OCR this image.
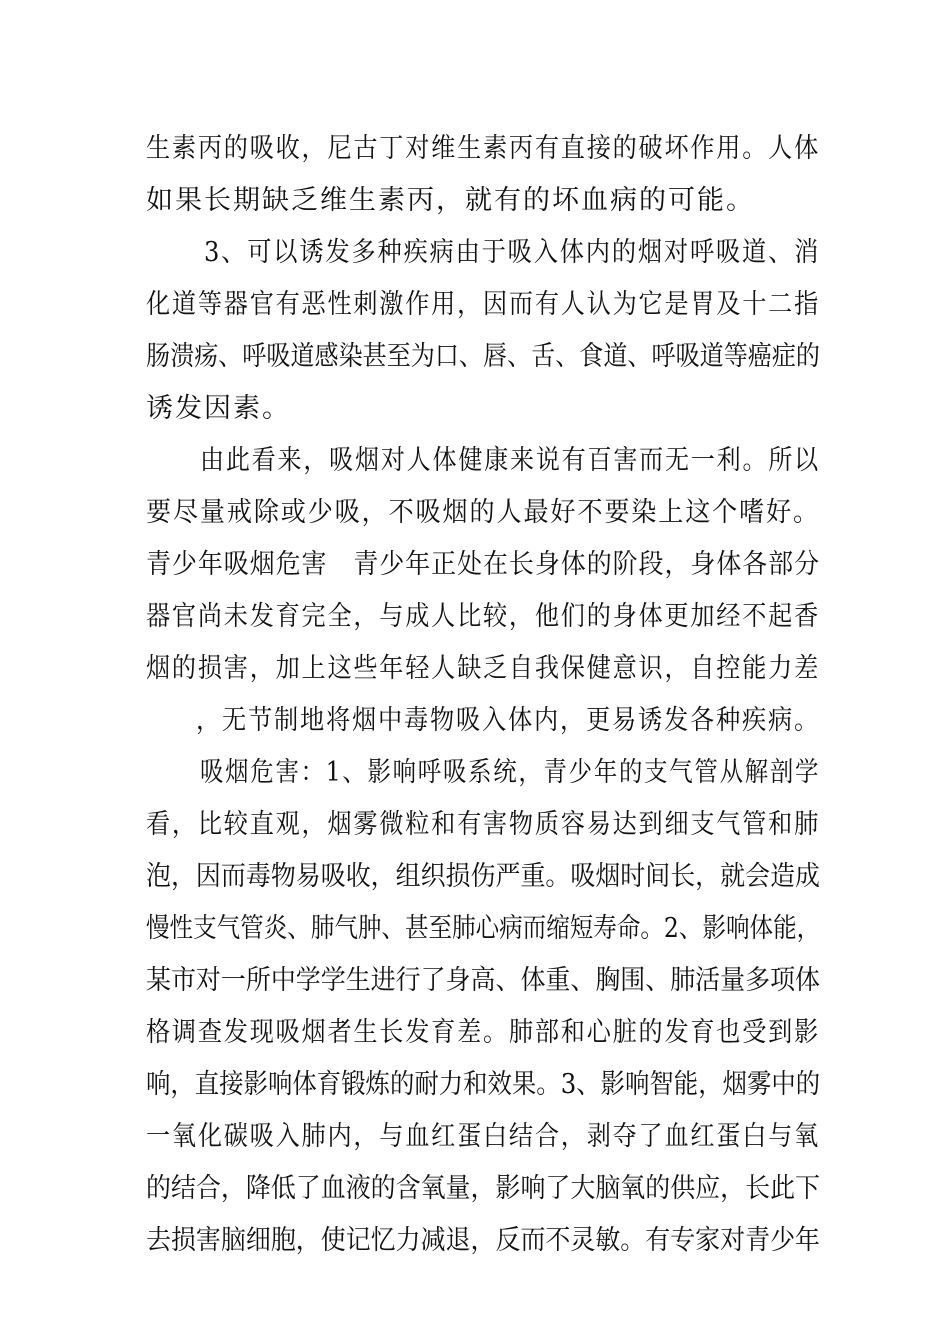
生素丙的吸收，尼古丁对维生素丙有直接的破坏作用。人体

如果长期缺乏维生素丙，就有的坏血病的可能。

3、可以诱发多种疾病由于吸入体内的烟对呼吸道、消

化道等器官有恶性刺激作用，因而有人认为它是胃及十二指

肠溃疡、呼吸道感染甚至为口、唇、舌、食道、呼吸道等癌症的

诱发因素。

由此看来，吸烟对人体健康来说有百害而无一利。所以

要尽量戒除或少吸，不吸烟的人最好不要染上这个嗜好。

青少年吸烟危害　青少年正处在长身体的阶段，身体各部分

器官尚未发育完全，与成人比较，他们的身体更加经不起香

烟的损害，加上这些年轻人缺乏自我保健意识，自控能力差

，无节制地将烟中毒物吸入体内，更易诱发各种疾病。

吸烟危害：1、影响呼吸系统，青少年的支气管从解剖学

看，比较直观，烟雾微粒和有害物质容易达到细支气管和肺

泡，因而毒物易吸收，组织损伤严重。吸烟时间长，就会造成

慢性支气管炎、肺气肿、甚至肺心病而缩短寿命。2、影响体能，

某市对一所中学学生进行了身高、体重、胸围、肺活量多项体

格调查发现吸烟者生长发育差。肺部和心脏的发育也受到影

响，直接影响体育锻炼的耐力和效果。3、影响智能，烟雾中的

一氧化碳吸入肺内，与血红蛋白结合，剥夺了血红蛋白与氧

的结合，降低了血液的含氧量，影响了大脑氧的供应，长此下

去损害脑细胞，使记忆力减退，反而不灵敏。有专家对青少年
